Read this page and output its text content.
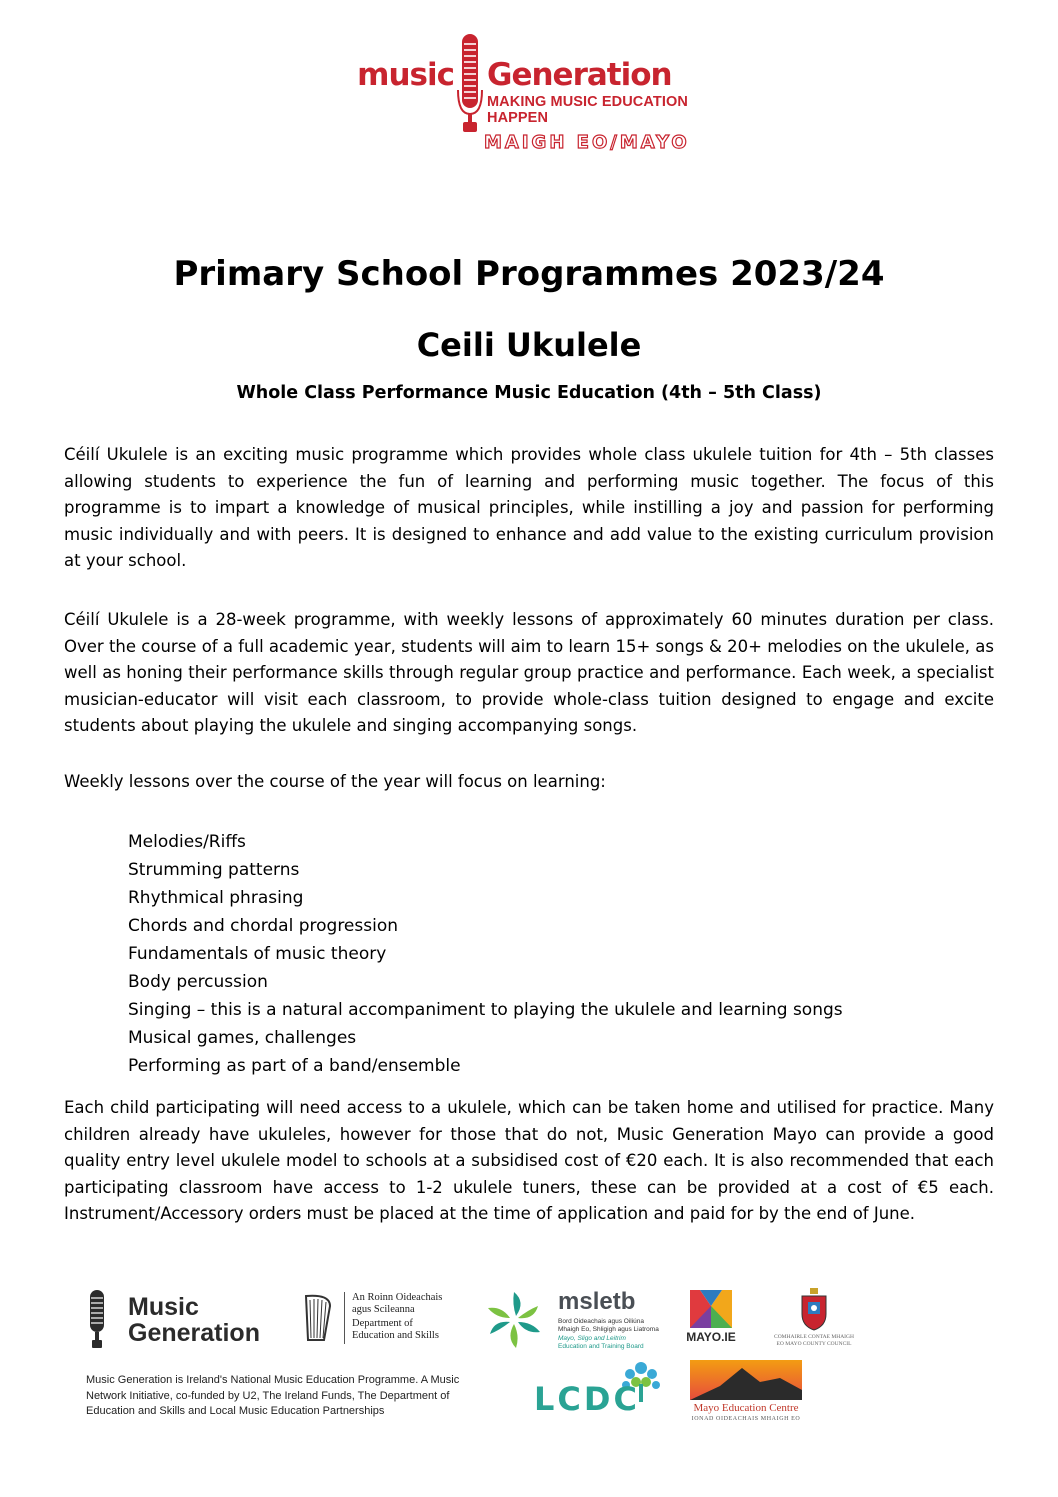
music Generation
MAKING MUSIC EDUCATION HAPPEN
MAIGH EO/MAYO
Primary School Programmes 2023/24
Ceili Ukulele
Whole Class Performance Music Education (4th – 5th Class)

Céilí Ukulele is an exciting music programme which provides whole class ukulele tuition for 4th – 5th classes allowing students to experience the fun of learning and performing music together. The focus of this programme is to impart a knowledge of musical principles, while instilling a joy and passion for performing music individually and with peers. It is designed to enhance and add value to the existing curriculum provision at your school.

Céilí Ukulele is a 28-week programme, with weekly lessons of approximately 60 minutes duration per class. Over the course of a full academic year, students will aim to learn 15+ songs & 20+ melodies on the ukulele, as well as honing their performance skills through regular group practice and performance. Each week, a specialist musician-educator will visit each classroom, to provide whole-class tuition designed to engage and excite students about playing the ukulele and singing accompanying songs.

Weekly lessons over the course of the year will focus on learning:

Melodies/Riffs
Strumming patterns
Rhythmical phrasing
Chords and chordal progression
Fundamentals of music theory
Body percussion
Singing – this is a natural accompaniment to playing the ukulele and learning songs
Musical games, challenges
Performing as part of a band/ensemble

Each child participating will need access to a ukulele, which can be taken home and utilised for practice. Many children already have ukuleles, however for those that do not, Music Generation Mayo can provide a good quality entry level ukulele model to schools at a subsidised cost of €20 each. It is also recommended that each participating classroom have access to 1-2 ukulele tuners, these can be provided at a cost of €5 each. Instrument/Accessory orders must be placed at the time of application and paid for by the end of June.

Music
Generation
An Roinn Oideachais
agus Scileanna
Department of
Education and Skills
msletb
Bord Oideachais agus Oiliúna
Mhaigh Eo, Shligigh agus Liatroma
Mayo, Sligo and Leitrim
Education and Training Board
MAYO.IE	COMHAIRLE CONTAE MHAIGH EO MAYO COUNTY COUNCIL

Music Generation is Ireland's National Music Education Programme. A Music Network Initiative, co-funded by U2, The Ireland Funds, The Department of Education and Skills and Local Music Education Partnerships	LCDC	Mayo Education Centre
IONAD OIDEACHAIS MHAIGH EO
